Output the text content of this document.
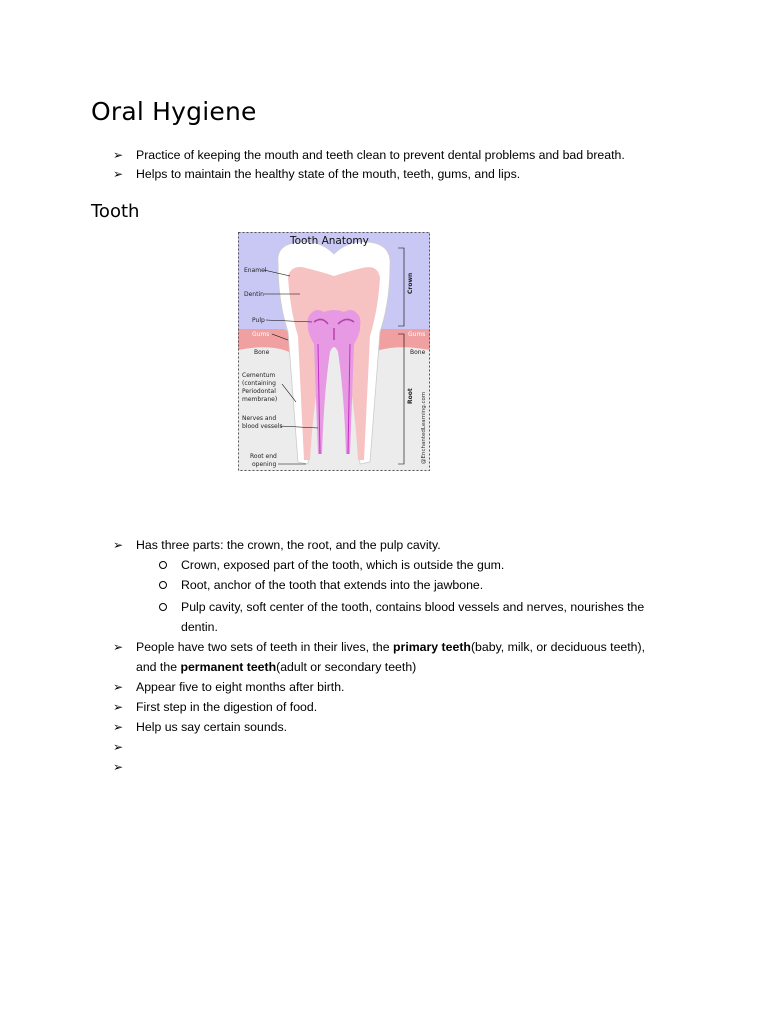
Oral Hygiene
➢ Practice of keeping the mouth and teeth clean to prevent dental problems and bad breath.
➢ Helps to maintain the healthy state of the mouth, teeth, gums, and lips.
Tooth
Enamel
Dentin
Pulp
Gums
Bone
Cementum
(containing
Periodontal
membrane)
Nerves and
blood vessels
Root end
opening
Gums
Bone
Tooth Anatomy
Crown
Root @EnchantedLearning.com
➢ Has three parts: the crown, the root, and the pulp cavity.
Crown, exposed part of the tooth, which is outside the gum.
Root, anchor of the tooth that extends into the jawbone.
Pulp cavity, soft center of the tooth, contains blood vessels and nerves, nourishes the
dentin.
➢ People have two sets of teeth in their lives, the primary teeth(baby, milk, or deciduous teeth),
and the permanent teeth(adult or secondary teeth)
➢ Appear five to eight months after birth.
➢ First step in the digestion of food.
➢ Help us say certain sounds.
➢
➢
